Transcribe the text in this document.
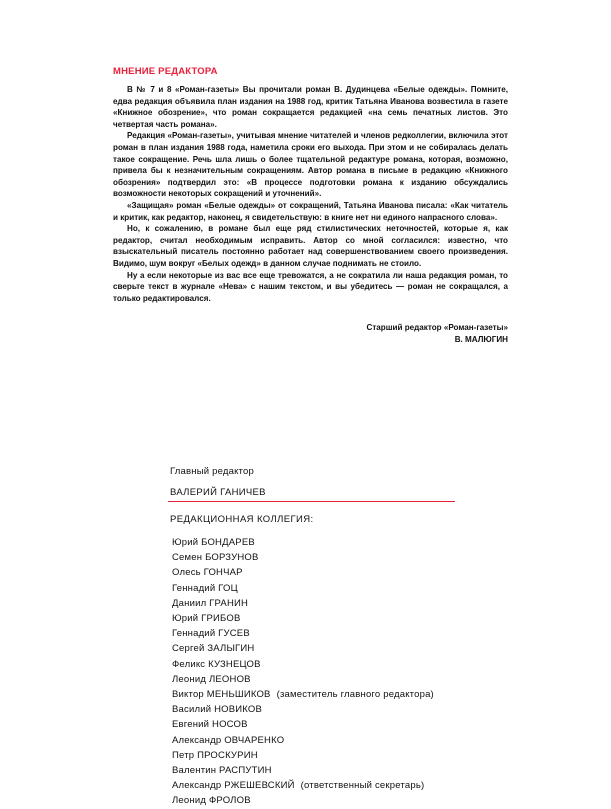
МНЕНИЕ РЕДАКТОРА

В № 7 и 8 «Роман-газеты» Вы прочитали роман В. Дудинцева «Белые одежды». Помните, едва редакция объявила план издания на 1988 год, критик Татьяна Иванова возвестила в газете «Книжное обозрение», что роман сокращается редакцией «на семь печатных листов. Это четвертая часть романа».

Редакция «Роман-газеты», учитывая мнение читателей и членов редколлегии, включила этот роман в план издания 1988 года, наметила сроки его выхода. При этом и не собиралась делать такое сокращение. Речь шла лишь о более тщательной редактуре романа, которая, возможно, привела бы к незначительным сокращениям. Автор романа в письме в редакцию «Книжного обозрения» подтвердил это: «В процессе подготовки романа к изданию обсуждались возможности некоторых сокращений и уточнений».

«Защищая» роман «Белые одежды» от сокращений, Татьяна Иванова писала: «Как читатель и критик, как редактор, наконец, я свидетельствую: в книге нет ни единого напрасного слова».

Но, к сожалению, в романе был еще ряд стилистических неточностей, которые я, как редактор, считал необходимым исправить. Автор со мной согласился: известно, что взыскательный писатель постоянно работает над совершенствованием своего произведения. Видимо, шум вокруг «Белых одежд» в данном случае поднимать не стоило.

Ну а если некоторые из вас все еще тревожатся, а не сократила ли наша редакция роман, то сверьте текст в журнале «Нева» с нашим текстом, и вы убедитесь — роман не сокращался, а только редактировался.

Старший редактор «Роман-газеты»
В. МАЛЮГИН
Главный редактор
ВАЛЕРИЙ ГАНИЧЕВ
РЕДАКЦИОННАЯ КОЛЛЕГИЯ:
Юрий БОНДАРЕВ
Семен БОРЗУНОВ
Олесь ГОНЧАР
Геннадий ГОЦ
Даниил ГРАНИН
Юрий ГРИБОВ
Геннадий ГУСЕВ
Сергей ЗАЛЫГИН
Феликс КУЗНЕЦОВ
Леонид ЛЕОНОВ
Виктор МЕНЬШИКОВ (заместитель главного редактора)
Василий НОВИКОВ
Евгений НОСОВ
Александр ОВЧАРЕНКО
Петр ПРОСКУРИН
Валентин РАСПУТИН
Александр РЖЕШЕВСКИЙ (ответственный секретарь)
Леонид ФРОЛОВ
